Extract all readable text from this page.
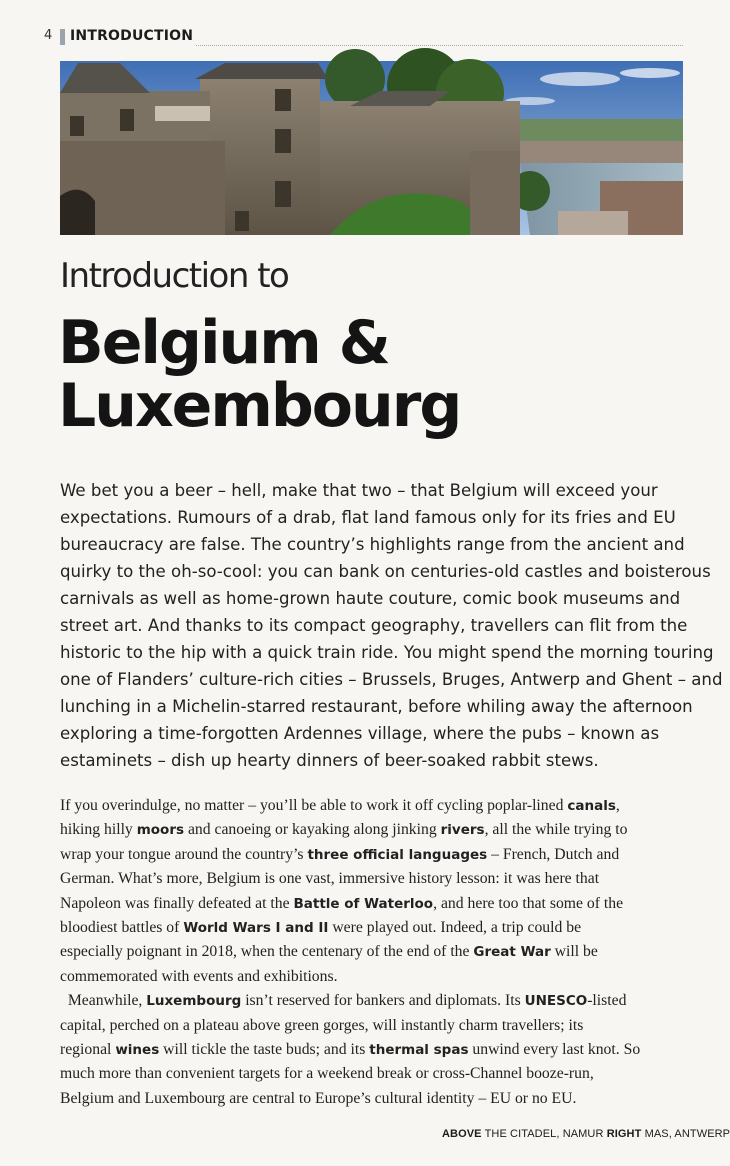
4 INTRODUCTION
Introduction to
Belgium &
Luxembourg
We bet you a beer – hell, make that two – that Belgium will exceed your
expectations. Rumours of a drab, flat land famous only for its fries and EU
bureaucracy are false. The country’s highlights range from the ancient and
quirky to the oh-so-cool: you can bank on centuries-old castles and boisterous
carnivals as well as home-grown haute couture, comic book museums and
street art. And thanks to its compact geography, travellers can flit from the
historic to the hip with a quick train ride. You might spend the morning touring
one of Flanders’ culture-rich cities – Brussels, Bruges, Antwerp and Ghent – and
lunching in a Michelin-starred restaurant, before whiling away the afternoon
exploring a time-forgotten Ardennes village, where the pubs – known as
estaminets – dish up hearty dinners of beer-soaked rabbit stews.
If you overindulge, no matter – you’ll be able to work it off cycling poplar-lined canals,
hiking hilly moors and canoeing or kayaking along jinking rivers, all the while trying to
wrap your tongue around the country’s three official languages – French, Dutch and
German. What’s more, Belgium is one vast, immersive history lesson: it was here that
Napoleon was finally defeated at the Battle of Waterloo, and here too that some of the
bloodiest battles of World Wars I and II were played out. Indeed, a trip could be
especially poignant in 2018, when the centenary of the end of the Great War will be
commemorated with events and exhibitions.
Meanwhile, Luxembourg isn’t reserved for bankers and diplomats. Its UNESCO-listed
capital, perched on a plateau above green gorges, will instantly charm travellers; its
regional wines will tickle the taste buds; and its thermal spas unwind every last knot. So
much more than convenient targets for a weekend break or cross-Channel booze-run,
Belgium and Luxembourg are central to Europe’s cultural identity – EU or no EU.
ABOVE THE CITADEL, NAMUR RIGHT MAS, ANTWERP
